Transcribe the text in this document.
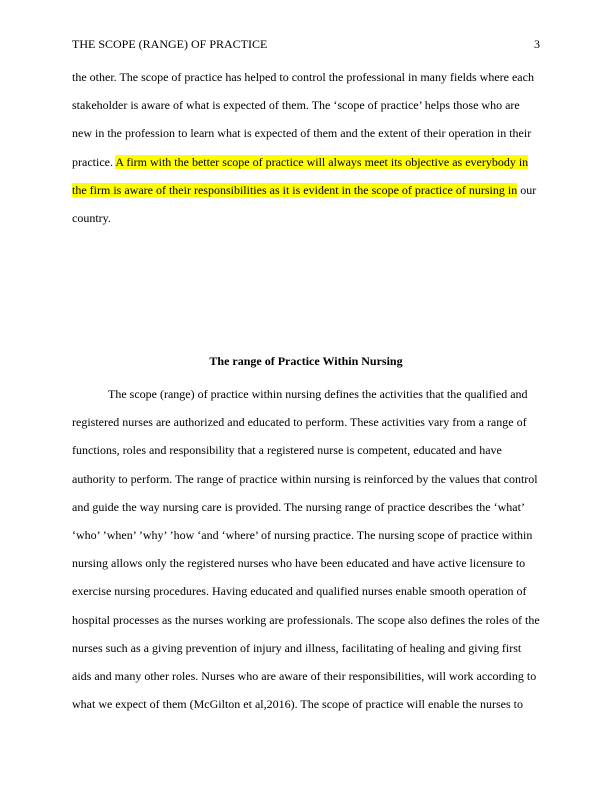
THE SCOPE (RANGE) OF PRACTICE	3

the other. The scope of practice has helped to control the professional in many fields where each stakeholder is aware of what is expected of them. The ‘scope of practice’ helps those who are new in the profession to learn what is expected of them and the extent of their operation in their practice. A firm with the better scope of practice will always meet its objective as everybody in the firm is aware of their responsibilities as it is evident in the scope of practice of nursing in our country.

The range of Practice Within Nursing

The scope (range) of practice within nursing defines the activities that the qualified and registered nurses are authorized and educated to perform. These activities vary from a range of functions, roles and responsibility that a registered nurse is competent, educated and have authority to perform. The range of practice within nursing is reinforced by the values that control and guide the way nursing care is provided. The nursing range of practice describes the ‘what’ ‘who’ ’when’ ’why’ ’how ‘and ‘where’ of nursing practice. The nursing scope of practice within nursing allows only the registered nurses who have been educated and have active licensure to exercise nursing procedures. Having educated and qualified nurses enable smooth operation of hospital processes as the nurses working are professionals. The scope also defines the roles of the nurses such as a giving prevention of injury and illness, facilitating of healing and giving first aids and many other roles. Nurses who are aware of their responsibilities, will work according to what we expect of them (McGilton et al,2016). The scope of practice will enable the nurses to
